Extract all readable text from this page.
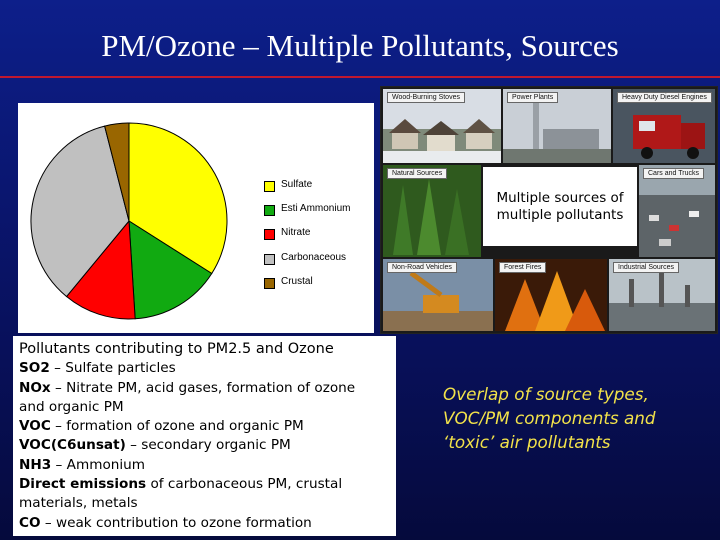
PM/Ozone – Multiple Pollutants, Sources
Sulfate
Esti Ammonium
Nitrate
Carbonaceous
Crustal
Wood-Burning Stoves	Power Plants	Heavy Duty Diesel Engines
Natural Sources	Cars and Trucks
Multiple sources of multiple pollutants
Non-Road Vehicles	Forest Fires	Industrial Sources
Pollutants contributing to PM2.5 and Ozone
SO2 – Sulfate particles
NOx – Nitrate PM, acid gases, formation of ozone and organic PM
VOC – formation of ozone and organic PM
VOC(C6unsat) – secondary organic PM
NH3 – Ammonium
Direct emissions of carbonaceous PM, crustal materials, metals
CO – weak contribution to ozone formation
Overlap of source types, VOC/PM components and ‘toxic’ air pollutants
